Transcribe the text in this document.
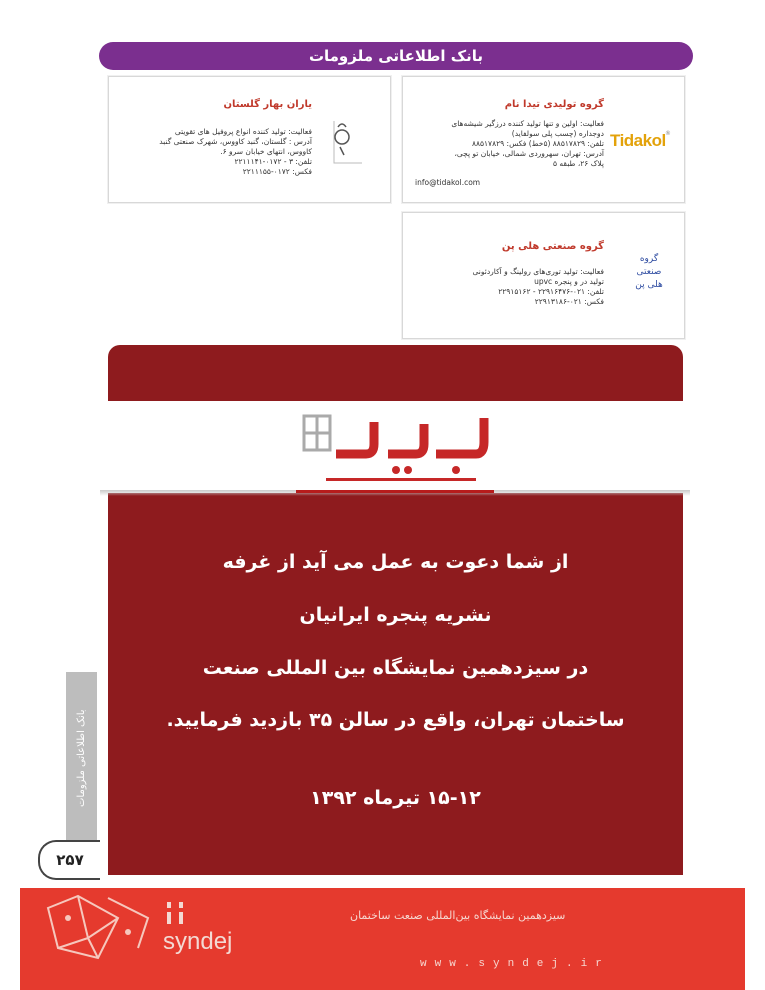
بانک اطلاعاتی ملزومات
Tidakol®
گروه تولیدی تیدا نام
فعالیت: اولین و تنها تولید کننده درزگیر شیشه‌های
دوجداره (چسب پلی سولفاید)
تلفن: ۸۸۵۱۷۸۲۹ (۵خط) فکس: ۸۸۵۱۷۸۲۹
آدرس: تهران، سهروردی شمالی، خیابان تو پچی،
پلاک ۲۶، طبقه ۵
info@tidakol.com
یاران بهار گلستان
فعالیت: تولید کننده انواع پروفیل های تقویتی
آدرس : گلستان، گنبد کاووس، شهرک صنعتی گنبد
کاووس، انتهای خیابان سرو ۶.
تلفن: ۳ - ۰۱۷۲-۲۲۱۱۱۴۱
فکس: ۰۱۷۲-۲۲۱۱۱۵۵
گروه
صنعتی
هلی پن
گروه صنعتی هلی پن
فعالیت: تولید توری‌های رولینگ و آکاردئونی
تولید در و پنجره upvc
تلفن: ۰۲۱-۲۲۹۱۶۴۷۶ - ۲۲۹۱۵۱۶۲
فکس: ۰۲۱-۲۲۹۱۳۱۸۶
از شما دعوت به عمل می آید از غرفه
نشریه پنجره ایرانیان
در سیزدهمین نمایشگاه بین المللی صنعت
ساختمان تهران، واقع در سالن ۳۵ بازدید فرمایید.
۱۵-۱۲ تیرماه ۱۳۹۲
بانک اطلاعاتی ملزومات
۲۵۷
syndej
سیزدهمین نمایشگاه بین‌المللی صنعت ساختمان
www.syndej.ir
